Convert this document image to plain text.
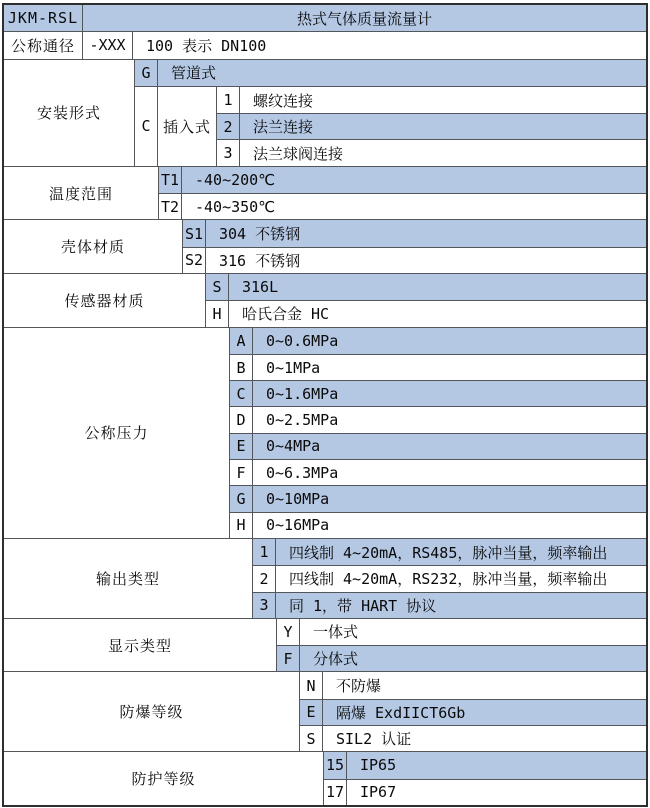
JKM-RSL	热式气体质量流量计
公称通径 -XXX	100 表示 DN100
安装形式
G	管道式
C 插入式
1	螺纹连接
2	法兰连接
3	法兰球阀连接
温度范围
T1	-40~200℃
T2	-40~350℃
壳体材质
S1	304 不锈钢
S2	316 不锈钢
传感器材质
S	316L
H	哈氏合金 HC
公称压力
A	0~0.6MPa
B	0~1MPa
C	0~1.6MPa
D	0~2.5MPa
E	0~4MPa
F	0~6.3MPa
G	0~10MPa
H	0~16MPa
输出类型
1	四线制 4~20mA，RS485，脉冲当量，频率输出
2	四线制 4~20mA，RS232，脉冲当量，频率输出
3	同 1，带 HART 协议
显示类型
Y	一体式
F	分体式
防爆等级
N	不防爆
E	隔爆 ExdIICT6Gb
S	SIL2 认证
防护等级
15	IP65
17	IP67
